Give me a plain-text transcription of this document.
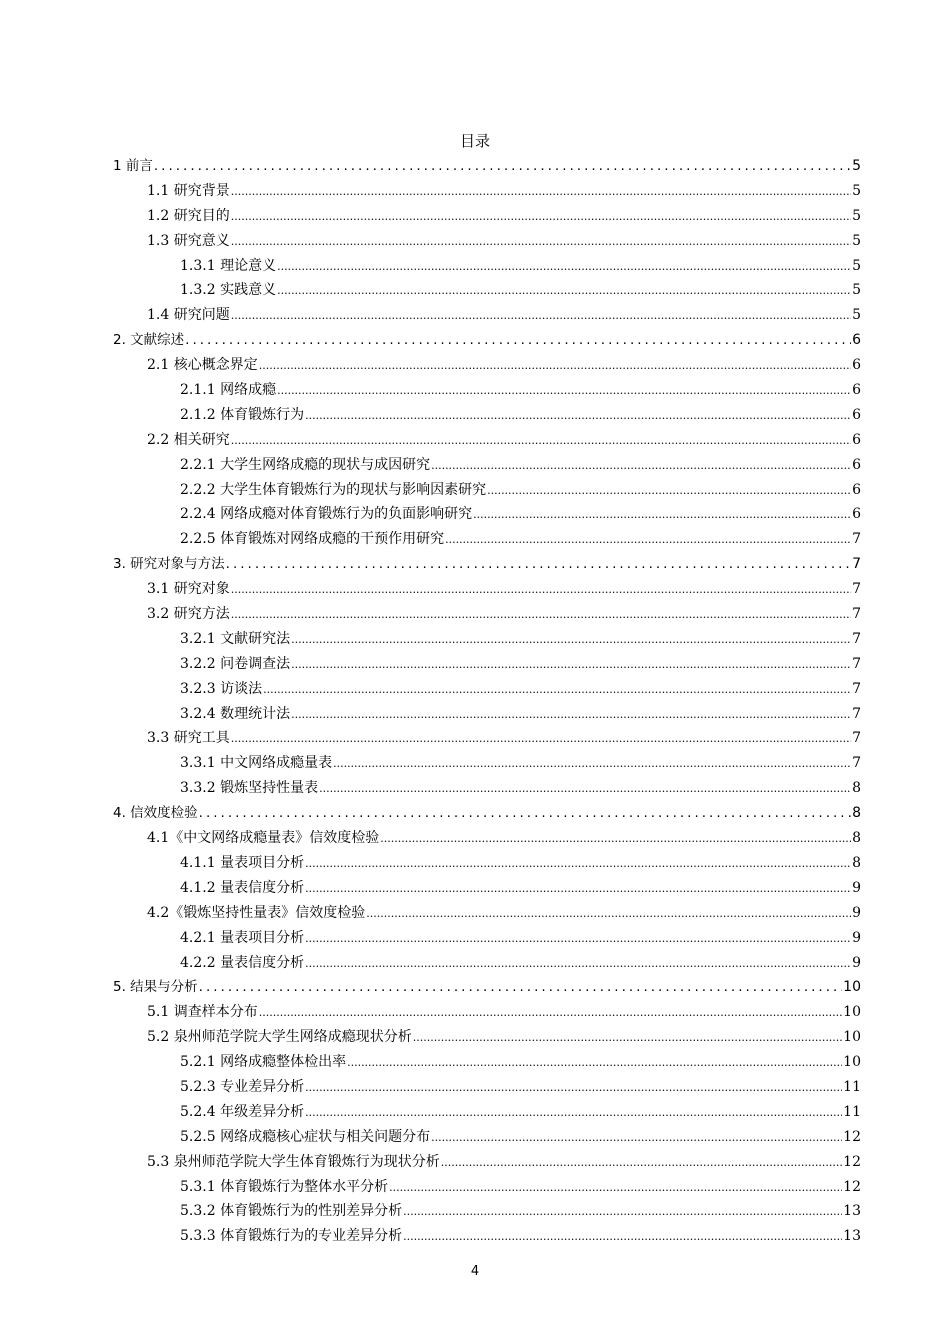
目录
1 前言 .....	5
1.1 研究背景 .....	5
1.2 研究目的 .....	5
1.3 研究意义 .....	5
1.3.1 理论意义 .....	5
1.3.2 实践意义 .....	5
1.4 研究问题 .....	5
2. 文献综述 .....	6
2.1 核心概念界定 .....	6
2.1.1 网络成瘾 .....	6
2.1.2 体育锻炼行为 .....	6
2.2 相关研究 .....	6
2.2.1 大学生网络成瘾的现状与成因研究 .....	6
2.2.2 大学生体育锻炼行为的现状与影响因素研究 .....	6
2.2.4 网络成瘾对体育锻炼行为的负面影响研究 .....	6
2.2.5 体育锻炼对网络成瘾的干预作用研究 .....	7
3. 研究对象与方法 .....	7
3.1 研究对象 .....	7
3.2 研究方法 .....	7
3.2.1 文献研究法 .....	7
3.2.2 问卷调查法 .....	7
3.2.3 访谈法 .....	7
3.2.4 数理统计法 .....	7
3.3 研究工具 .....	7
3.3.1 中文网络成瘾量表 .....	7
3.3.2 锻炼坚持性量表 .....	8
4. 信效度检验 .....	8
4.1《中文网络成瘾量表》信效度检验 .....	8
4.1.1 量表项目分析 .....	8
4.1.2 量表信度分析 .....	9
4.2《锻炼坚持性量表》信效度检验 .....	9
4.2.1 量表项目分析 .....	9
4.2.2 量表信度分析 .....	9
5. 结果与分析 .....	10
5.1 调查样本分布 .....	10
5.2 泉州师范学院大学生网络成瘾现状分析 .....	10
5.2.1 网络成瘾整体检出率 .....	10
5.2.3 专业差异分析 .....	11
5.2.4 年级差异分析 .....	11
5.2.5 网络成瘾核心症状与相关问题分布 .....	12
5.3 泉州师范学院大学生体育锻炼行为现状分析 .....	12
5.3.1 体育锻炼行为整体水平分析 .....	12
5.3.2 体育锻炼行为的性别差异分析 .....	13
5.3.3 体育锻炼行为的专业差异分析 .....	13
4
